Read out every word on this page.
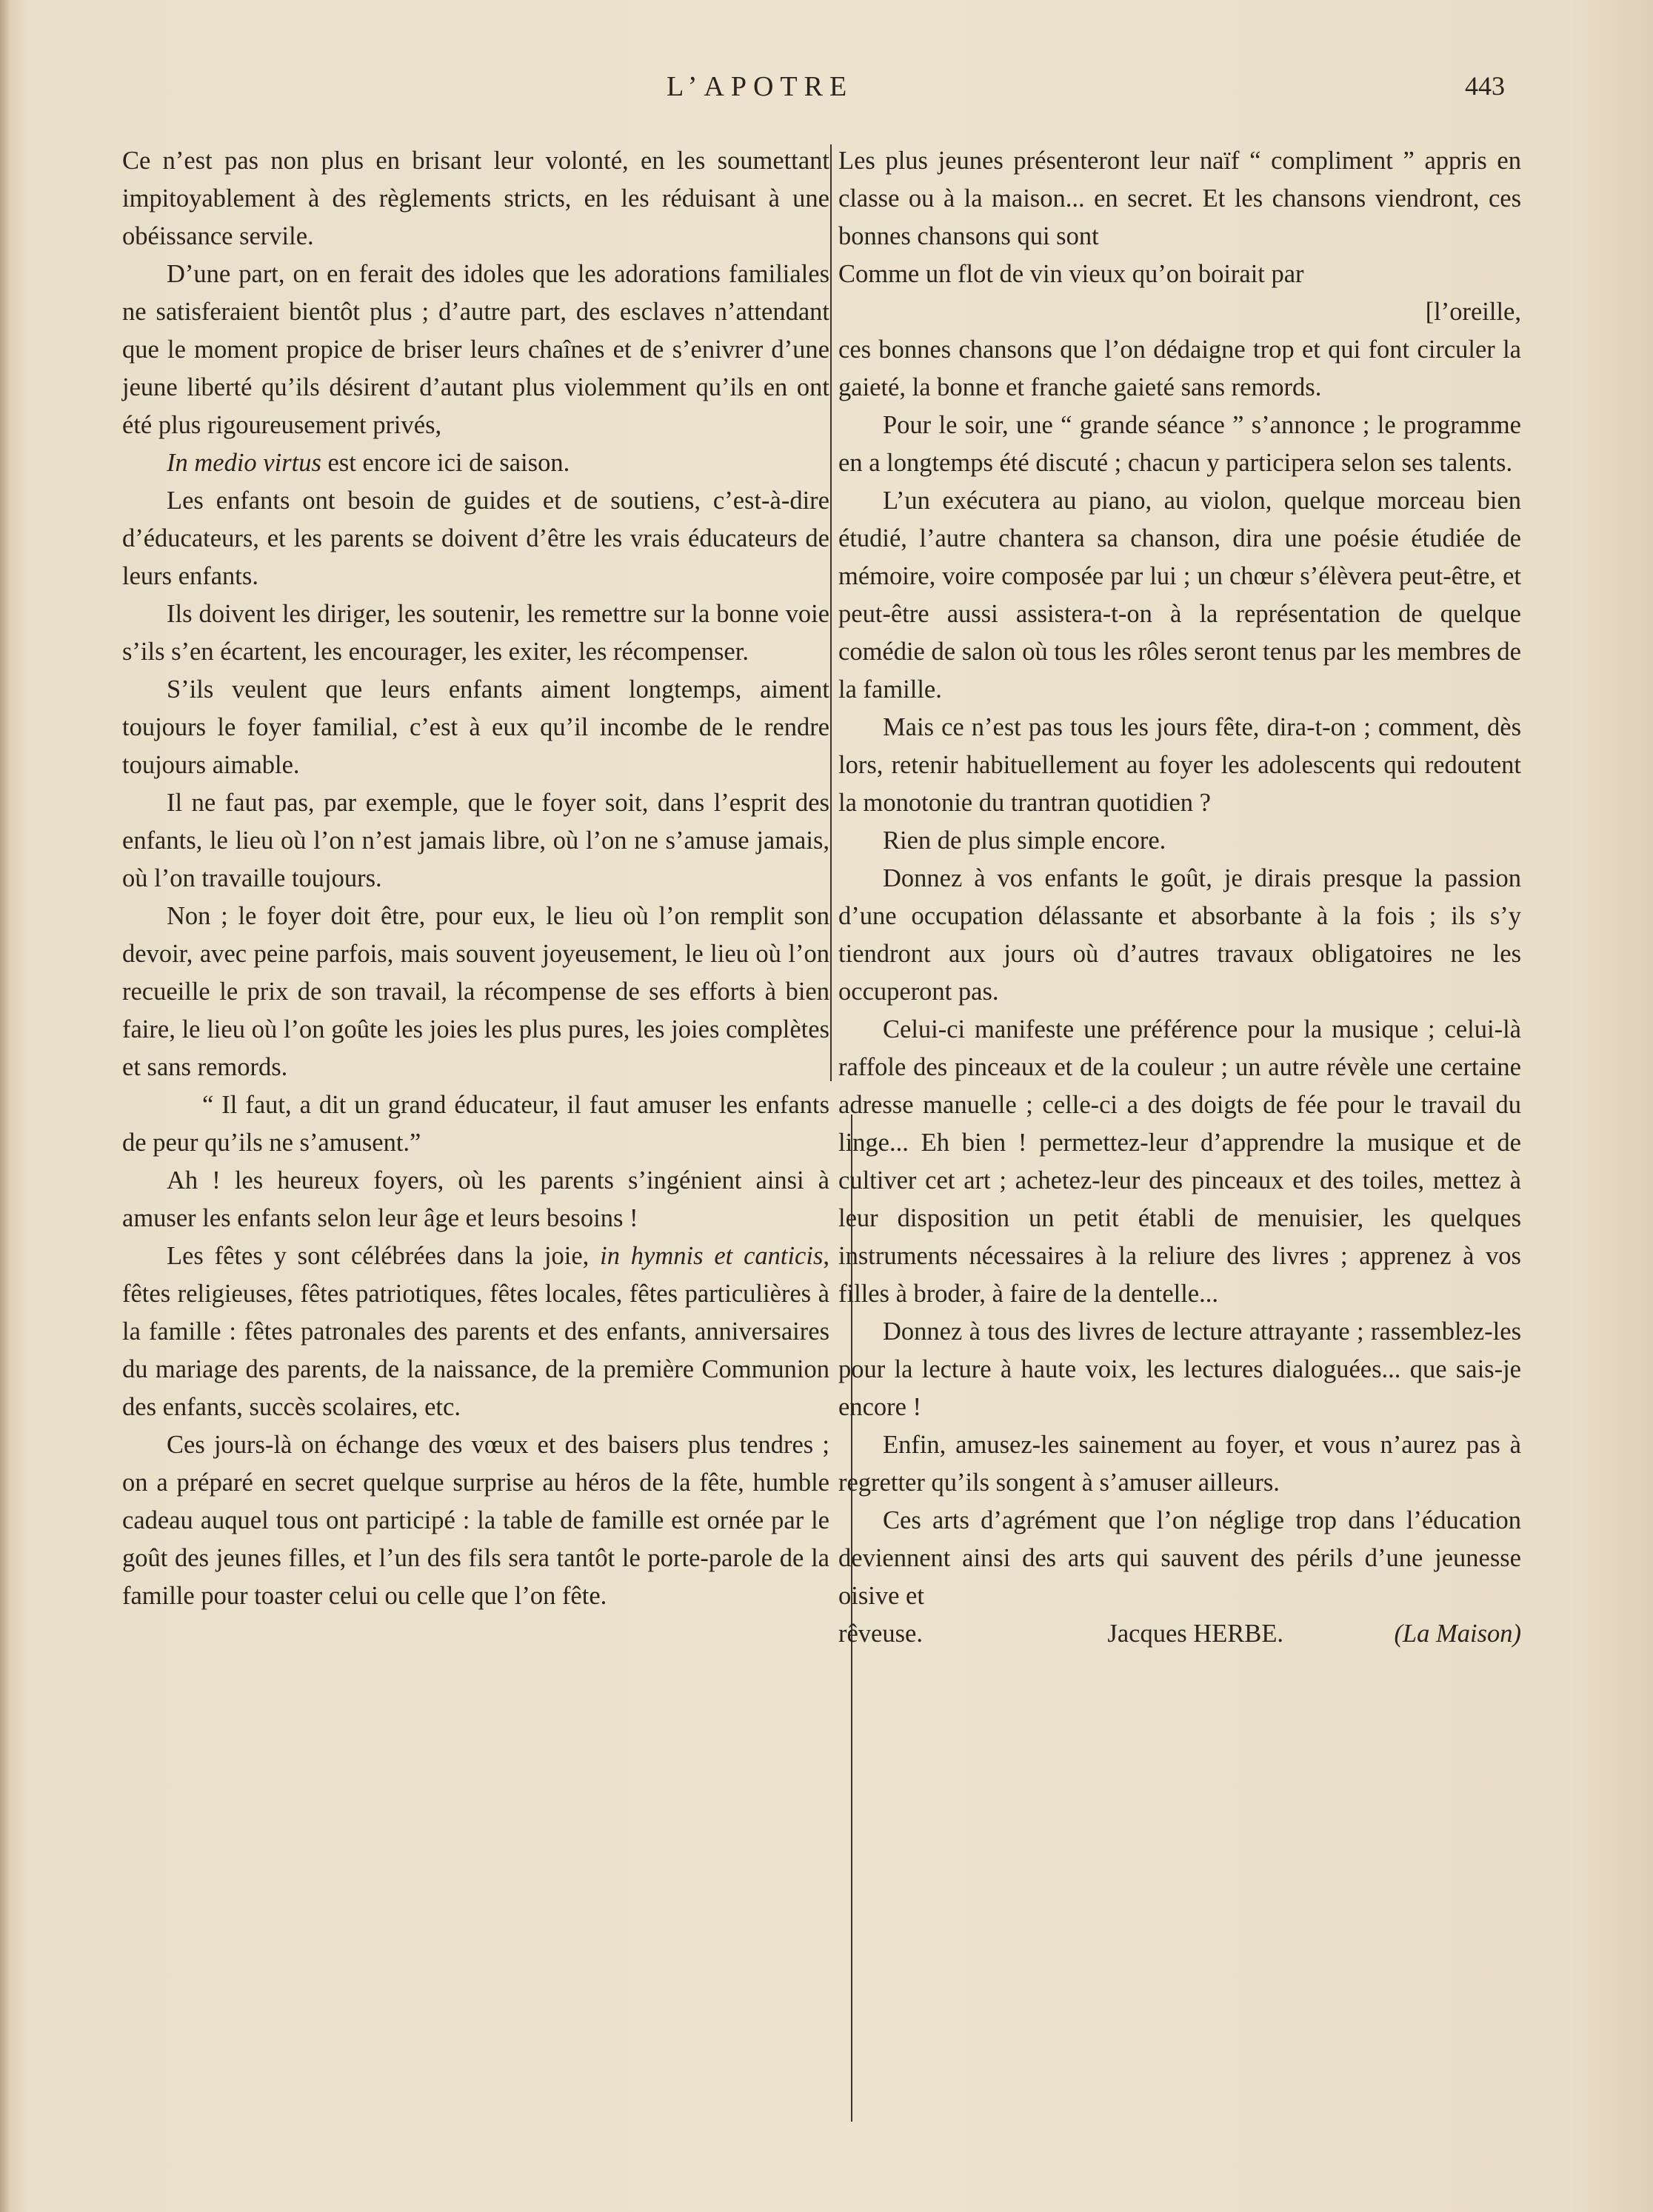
L’APOTRE	443

Ce n’est pas non plus en brisant leur volonté, en les soumettant impitoyablement à des règlements stricts, en les réduisant à une obéissance servile.

D’une part, on en ferait des idoles que les adorations familiales ne satisferaient bientôt plus ; d’autre part, des esclaves n’attendant que le moment propice de briser leurs chaînes et de s’enivrer d’une jeune liberté qu’ils désirent d’autant plus violemment qu’ils en ont été plus rigoureusement privés,

In medio virtus est encore ici de saison.

Les enfants ont besoin de guides et de soutiens, c’est-à-dire d’éducateurs, et les parents se doivent d’être les vrais éducateurs de leurs enfants.

Ils doivent les diriger, les soutenir, les remettre sur la bonne voie s’ils s’en écartent, les encourager, les exiter, les récompenser.

S’ils veulent que leurs enfants aiment longtemps, aiment toujours le foyer familial, c’est à eux qu’il incombe de le rendre toujours aimable.

Il ne faut pas, par exemple, que le foyer soit, dans l’esprit des enfants, le lieu où l’on n’est jamais libre, où l’on ne s’amuse jamais, où l’on travaille toujours.

Non ; le foyer doit être, pour eux, le lieu où l’on remplit son devoir, avec peine parfois, mais souvent joyeusement, le lieu où l’on recueille le prix de son travail, la récompense de ses efforts à bien faire, le lieu où l’on goûte les joies les plus pures, les joies complètes et sans remords.

“ Il faut, a dit un grand éducateur, il faut amuser les enfants de peur qu’ils ne s’amusent.”

Ah ! les heureux foyers, où les parents s’ingénient ainsi à amuser les enfants selon leur âge et leurs besoins !

Les fêtes y sont célébrées dans la joie, in hymnis et canticis, fêtes religieuses, fêtes patriotiques, fêtes locales, fêtes particulières à la famille : fêtes patronales des parents et des enfants, anniversaires du mariage des parents, de la naissance, de la première Communion des enfants, succès scolaires, etc.

Ces jours-là on échange des vœux et des baisers plus tendres ; on a préparé en secret quelque surprise au héros de la fête, humble cadeau auquel tous ont participé : la table de famille est ornée par le goût des jeunes filles, et l’un des fils sera tantôt le porte-parole de la famille pour toaster celui ou celle que l’on fête.

Les plus jeunes présenteront leur naïf “ compliment ” appris en classe ou à la maison... en secret. Et les chansons viendront, ces bonnes chansons qui sont

Comme un flot de vin vieux qu’on boirait par

[l’oreille,

ces bonnes chansons que l’on dédaigne trop et qui font circuler la gaieté, la bonne et franche gaieté sans remords.

Pour le soir, une “ grande séance ” s’annonce ; le programme en a longtemps été discuté ; chacun y participera selon ses talents.

L’un exécutera au piano, au violon, quelque morceau bien étudié, l’autre chantera sa chanson, dira une poésie étudiée de mémoire, voire composée par lui ; un chœur s’élèvera peut-être, et peut-être aussi assistera-t-on à la représentation de quelque comédie de salon où tous les rôles seront tenus par les membres de la famille.

Mais ce n’est pas tous les jours fête, dira-t-on ; comment, dès lors, retenir habituellement au foyer les adolescents qui redoutent la monotonie du trantran quotidien ?

Rien de plus simple encore.

Donnez à vos enfants le goût, je dirais presque la passion d’une occupation délassante et absorbante à la fois ; ils s’y tiendront aux jours où d’autres travaux obligatoires ne les occuperont pas.

Celui-ci manifeste une préférence pour la musique ; celui-là raffole des pinceaux et de la couleur ; un autre révèle une certaine adresse manuelle ; celle-ci a des doigts de fée pour le travail du linge... Eh bien ! permettez-leur d’apprendre la musique et de cultiver cet art ; achetez-leur des pinceaux et des toiles, mettez à leur disposition un petit établi de menuisier, les quelques instruments nécessaires à la reliure des livres ; apprenez à vos filles à broder, à faire de la dentelle...

Donnez à tous des livres de lecture attrayante ; rassemblez-les pour la lecture à haute voix, les lectures dialoguées... que sais-je encore !

Enfin, amusez-les sainement au foyer, et vous n’aurez pas à regretter qu’ils songent à s’amuser ailleurs.

Ces arts d’agrément que l’on néglige trop dans l’éducation deviennent ainsi des arts qui sauvent des périls d’une jeunesse oisive et

rêveuse.	Jacques HERBE.	(La Maison)
